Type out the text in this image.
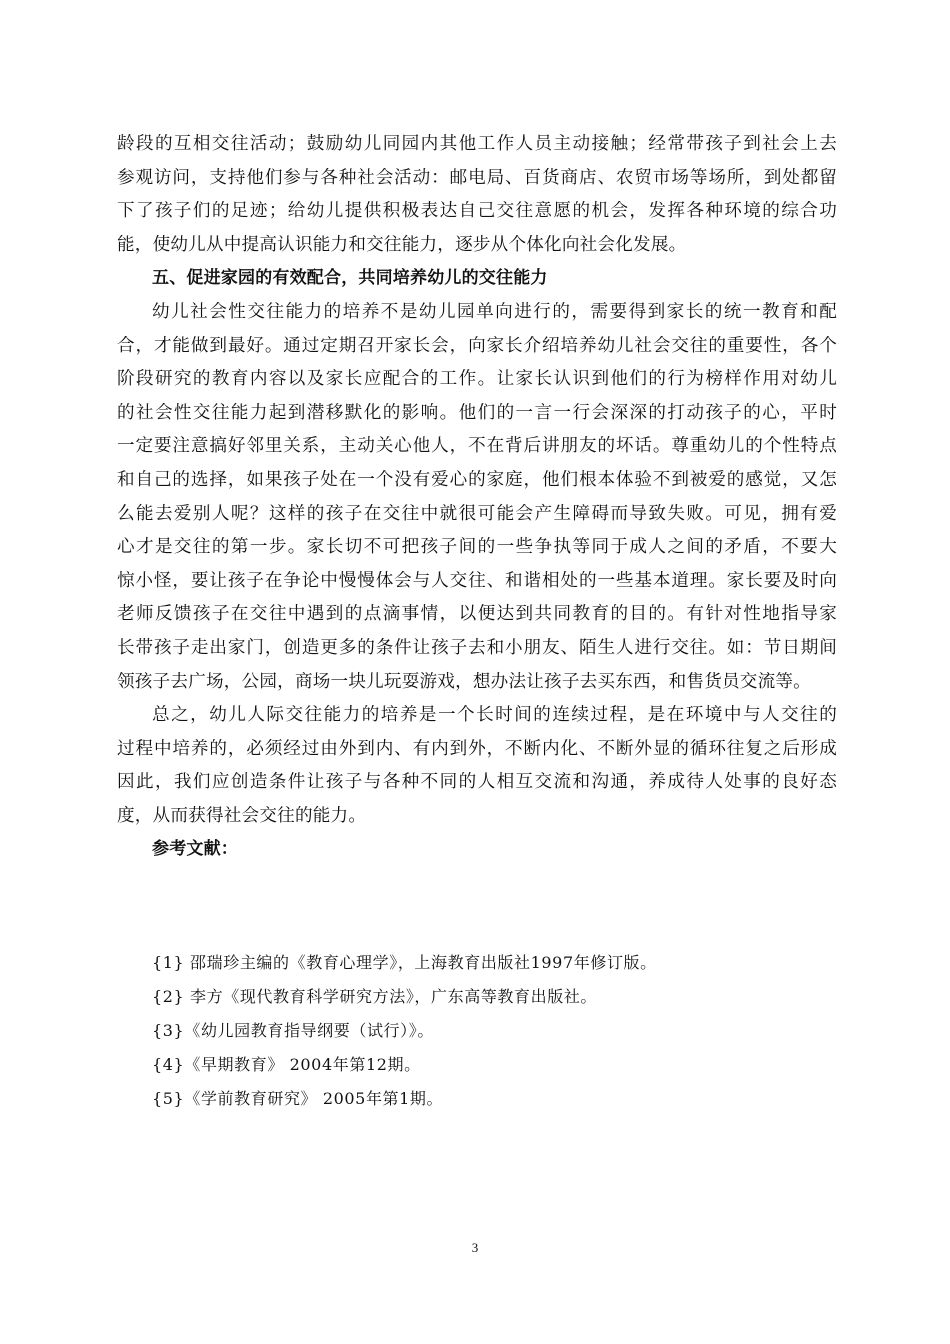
龄段的互相交往活动；鼓励幼儿同园内其他工作人员主动接触；经常带孩子到社会上去
参观访问，支持他们参与各种社会活动：邮电局、百货商店、农贸市场等场所，到处都留
下了孩子们的足迹；给幼儿提供积极表达自己交往意愿的机会，发挥各种环境的综合功
能，使幼儿从中提高认识能力和交往能力，逐步从个体化向社会化发展。
五、促进家园的有效配合，共同培养幼儿的交往能力
幼儿社会性交往能力的培养不是幼儿园单向进行的，需要得到家长的统一教育和配
合，才能做到最好。通过定期召开家长会，向家长介绍培养幼儿社会交往的重要性，各个
阶段研究的教育内容以及家长应配合的工作。让家长认识到他们的行为榜样作用对幼儿
的社会性交往能力起到潜移默化的影响。他们的一言一行会深深的打动孩子的心，平时
一定要注意搞好邻里关系，主动关心他人，不在背后讲朋友的坏话。尊重幼儿的个性特点
和自己的选择，如果孩子处在一个没有爱心的家庭，他们根本体验不到被爱的感觉，又怎
么能去爱别人呢？这样的孩子在交往中就很可能会产生障碍而导致失败。可见，拥有爱
心才是交往的第一步。家长切不可把孩子间的一些争执等同于成人之间的矛盾，不要大
惊小怪，要让孩子在争论中慢慢体会与人交往、和谐相处的一些基本道理。家长要及时向
老师反馈孩子在交往中遇到的点滴事情，以便达到共同教育的目的。有针对性地指导家
长带孩子走出家门，创造更多的条件让孩子去和小朋友、陌生人进行交往。如：节日期间
领孩子去广场，公园，商场一块儿玩耍游戏，想办法让孩子去买东西，和售货员交流等。
总之，幼儿人际交往能力的培养是一个长时间的连续过程，是在环境中与人交往的
过程中培养的，必须经过由外到内、有内到外，不断内化、不断外显的循环往复之后形成
因此，我们应创造条件让孩子与各种不同的人相互交流和沟通，养成待人处事的良好态
度，从而获得社会交往的能力。
参考文献：
{1} 邵瑞珍主编的《教育心理学》，上海教育出版社1997年修订版。
{2} 李方《现代教育科学研究方法》，广东高等教育出版社。
{3}《幼儿园教育指导纲要（试行）》。
{4}《早期教育》 2004年第12期。
{5}《学前教育研究》 2005年第1期。
3
